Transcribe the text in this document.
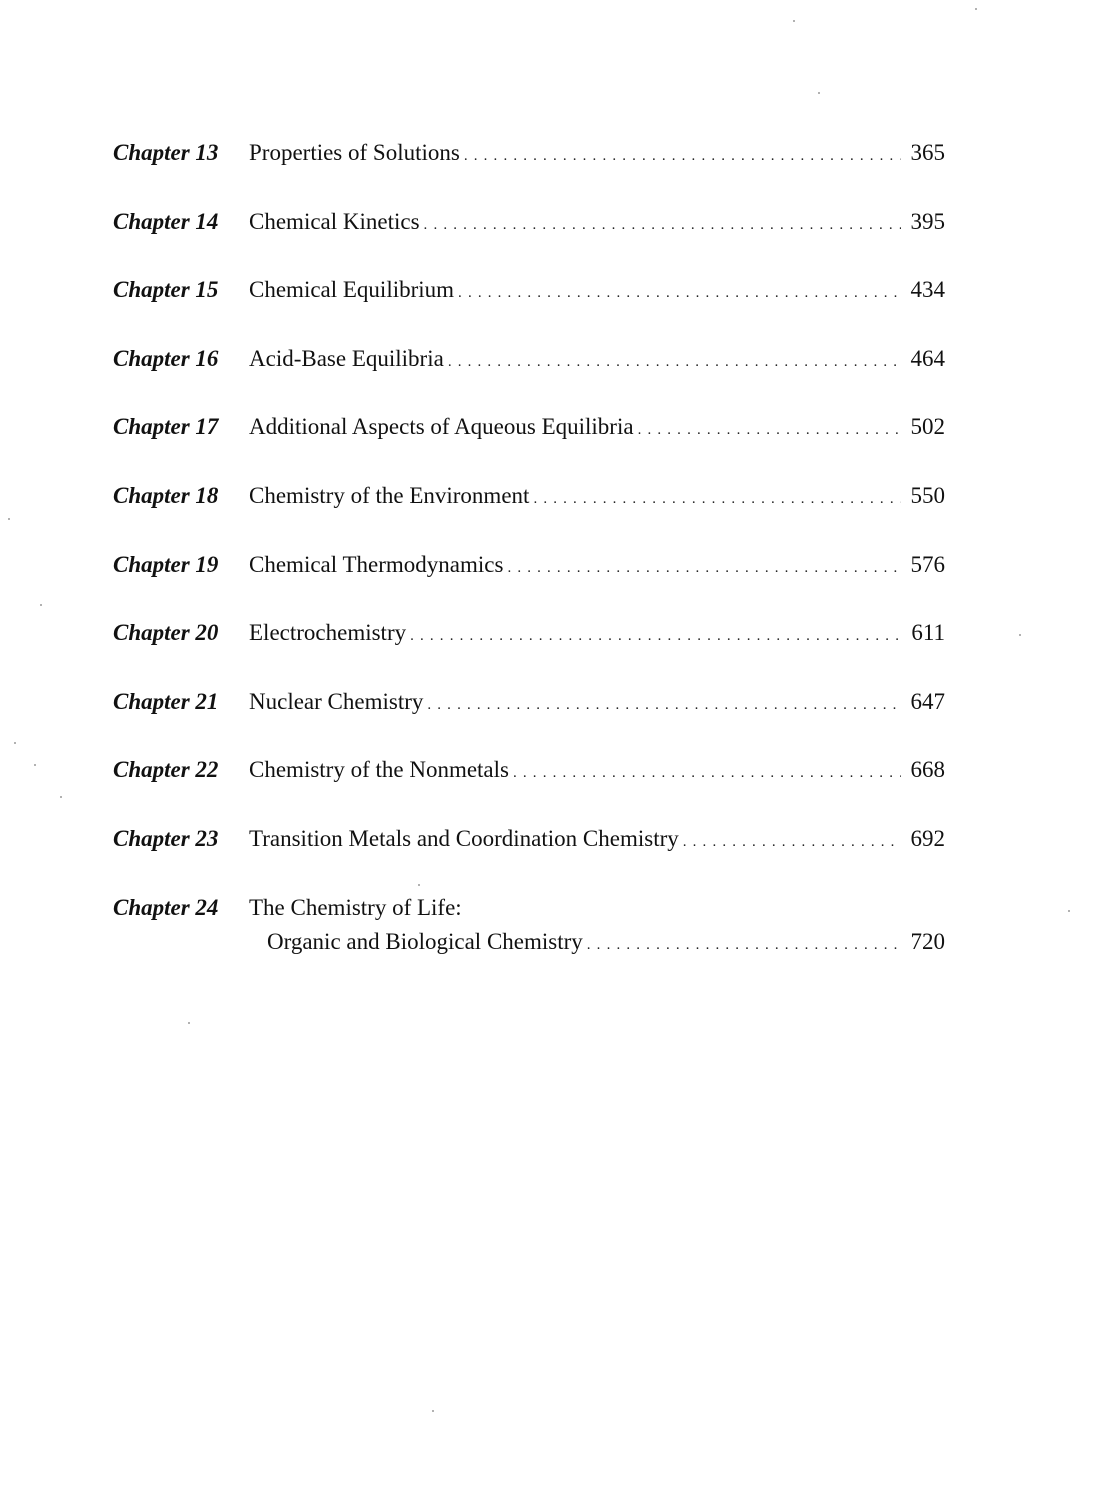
Chapter 13	Properties of Solutions . . .	365
Chapter 14	Chemical Kinetics . . .	395
Chapter 15	Chemical Equilibrium . . .	434
Chapter 16	Acid-Base Equilibria . . .	464
Chapter 17	Additional Aspects of Aqueous Equilibria . . .	502
Chapter 18	Chemistry of the Environment . . .	550
Chapter 19	Chemical Thermodynamics . . .	576
Chapter 20	Electrochemistry . . .	611
Chapter 21	Nuclear Chemistry . . .	647
Chapter 22	Chemistry of the Nonmetals . . .	668
Chapter 23	Transition Metals and Coordination Chemistry . . .	692
Chapter 24	The Chemistry of Life:
Organic and Biological Chemistry . . .	720
